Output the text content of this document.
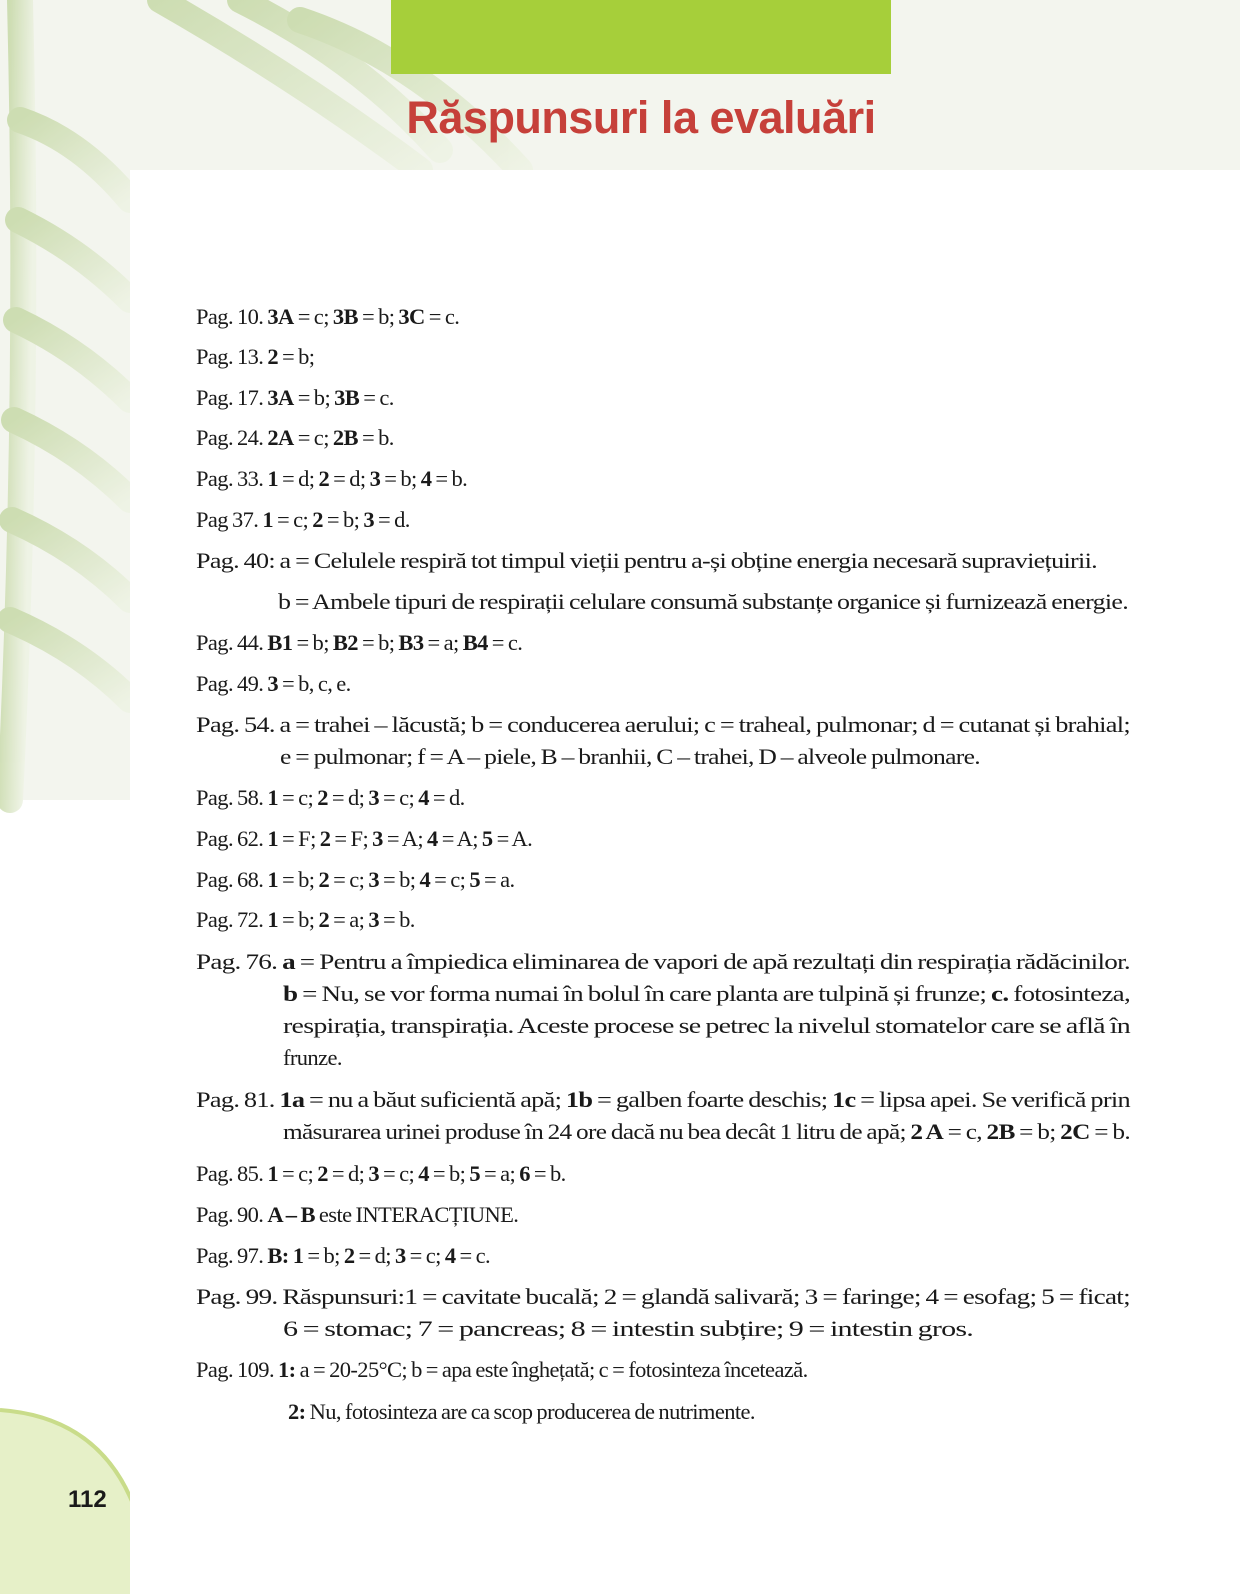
Răspunsuri la evaluări
Pag. 10. 3A = c; 3B = b; 3C = c.
Pag. 13. 2 = b;
Pag. 17. 3A = b; 3B = c.
Pag. 24. 2A = c; 2B = b.
Pag. 33. 1 = d; 2 = d; 3 = b; 4 = b.
Pag 37. 1 = c; 2 = b; 3 = d.
Pag. 40: a = Celulele respiră tot timpul vieții pentru a-și obține energia necesară supraviețuirii.
b = Ambele tipuri de respirații celulare consumă substanțe organice și furnizează energie.
Pag. 44. B1 = b; B2 = b; B3 = a; B4 = c.
Pag. 49. 3 = b, c, e.
Pag. 54. a = trahei – lăcustă; b = conducerea aerului; c = traheal, pulmonar; d = cutanat și brahial;
e = pulmonar; f = A – piele, B – branhii, C – trahei, D – alveole pulmonare.
Pag. 58. 1 = c; 2 = d; 3 = c; 4 = d.
Pag. 62. 1 = F; 2 = F; 3 = A; 4 = A; 5 = A.
Pag. 68. 1 = b; 2 = c; 3 = b; 4 = c; 5 = a.
Pag. 72. 1 = b; 2 = a; 3 = b.
Pag. 76. a = Pentru a împiedica eliminarea de vapori de apă rezultați din respirația rădăcinilor.
b = Nu, se vor forma numai în bolul în care planta are tulpină și frunze; c. fotosinteza,
respirația, transpirația. Aceste procese se petrec la nivelul stomatelor care se află în
frunze.
Pag. 81. 1a = nu a băut suficientă apă; 1b = galben foarte deschis; 1c = lipsa apei. Se verifică prin
măsurarea urinei produse în 24 ore dacă nu bea decât 1 litru de apă; 2 A = c, 2B = b; 2C = b.
Pag. 85. 1 = c; 2 = d; 3 = c; 4 = b; 5 = a; 6 = b.
Pag. 90. A – B este INTERACȚIUNE.
Pag. 97. B: 1 = b; 2 = d; 3 = c; 4 = c.
Pag. 99. Răspunsuri:1 = cavitate bucală; 2 = glandă salivară; 3 = faringe; 4 = esofag; 5 = ficat;
6 = stomac; 7 = pancreas; 8 = intestin subțire; 9 = intestin gros.
Pag. 109. 1: a = 20-25°C; b = apa este înghețată; c = fotosinteza încetează.
2: Nu, fotosinteza are ca scop producerea de nutrimente.
112
